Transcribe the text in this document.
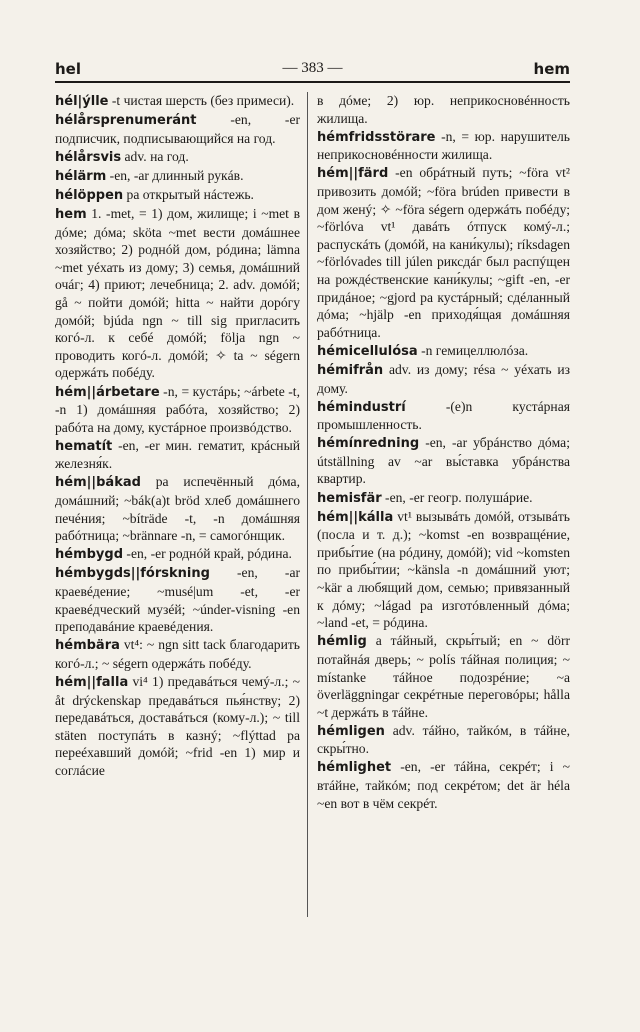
hel	— 383 —	hem
hél|ýlle -t чистая шерсть (без примеси).
hélårsprenumeránt -en, -er подписчик, подписывающийся на год.
hélårsvis adv. на год.
hélärm -en, -ar длинный рукáв.
hélöppen pa открытый нáстежь.
hem 1. -met, = 1) дом, жилище; i ~met в дóме; дóма; sköta ~met вести домáшнее хозяйство; 2) роднóй дом, рóдина; lämna ~met уéхать из дому; 3) семья, домáшний очáг; 4) приют; лечебница; 2. adv. домóй; gå ~ пойти домóй; hitta ~ найти дорóгу домóй; bjúda ngn ~ till sig пригласить когó-л. к себé домóй; följa ngn ~ проводить когó-л. домóй; ✧ ta ~ ségern одержáть побéду.
hém||árbetare -n, = кустáрь; ~árbete -t, -n 1) домáшняя рабóта, хозяйство; 2) рабóта на дому, кустáрное произвóдство.
hematít -en, -er мин. гематит, крáсный железня́к.
hém||bákad pa испечённый дóма, домáшний; ~bák(a)t bröd хлеб домáшнего печéния; ~bíträde -t, -n домáшняя рабóтница; ~brännare -n, = самогóнщик.
hémbygd -en, -er роднóй край, рóдина.
hémbygds||fórskning -en, -ar краевéдение; ~musé|um -et, -er краевéдческий музéй; ~únder-visning -en преподавáние краевéдения.
hémbära vt⁴: ~ ngn sitt tack благодарить когó-л.; ~ ségern одержáть побéду.
hém||falla vi⁴ 1) предавáться чемý-л.; ~ åt drýckenskap предавáться пья́нству; 2) передавáться, доставáться (кому-л.); ~ till stäten поступáть в казнý; ~flýttad pa переéхавший домóй; ~frid -en 1) мир и соглáсие
в дóме; 2) юр. неприкосновéнность жилища.
hémfridsstörare -n, = юр. нарушитель неприкосновéнности жилища.
hém||färd -en обрáтный путь; ~föra vt² привозить домóй; ~föra brúden привести в дом женý; ✧ ~föra ségern одержáть побéду; ~förlóva vt¹ давáть óтпуск комý-л.; распускáть (домóй, на кани́кулы); ríksdagen ~förlóvades till júlen риксдáг был распýщен на рождéственские кани́кулы; ~gift -en, -er придáное; ~gjord pa кустáрный; сдéланный дóма; ~hjälp -en приходя́щая домáшняя рабóтница.
hémicellulósa -n гемицеллюлóза.
hémifrån adv. из дому; résa ~ уéхать из дому.
hémindustrí -(e)n кустáрная промышленность.
hémínredning -en, -ar убрáнство дóма; útställning av ~ar вы́ставка убрáнства квартир.
hemisfär -en, -er геогр. полушáрие.
hém||kálla vt¹ вызывáть домóй, отзывáть (посла и т. д.); ~komst -en возвращéние, прибы́тие (на рóдину, домóй); vid ~komsten по прибы́тии; ~känsla -n домáшний уют; ~kär a любящий дом, семью; привязанный к дóму; ~lágad pa изготóвленный дóма; ~land -et, = рóдина.
hémlig a тáйный, скры́тый; en ~ dörr потайнáя дверь; ~ polís тáйная полиция; ~ místanke тáйное подозрéние; ~a överläggningar секрéтные переговóры; hålla ~t держáть в тáйне.
hémligen adv. тáйно, тайкóм, в тáйне, скры́тно.
hémlighet -en, -er тáйна, секрéт; i ~ втáйне, тайкóм; под секрéтом; det är héla ~en вот в чём секрéт.
